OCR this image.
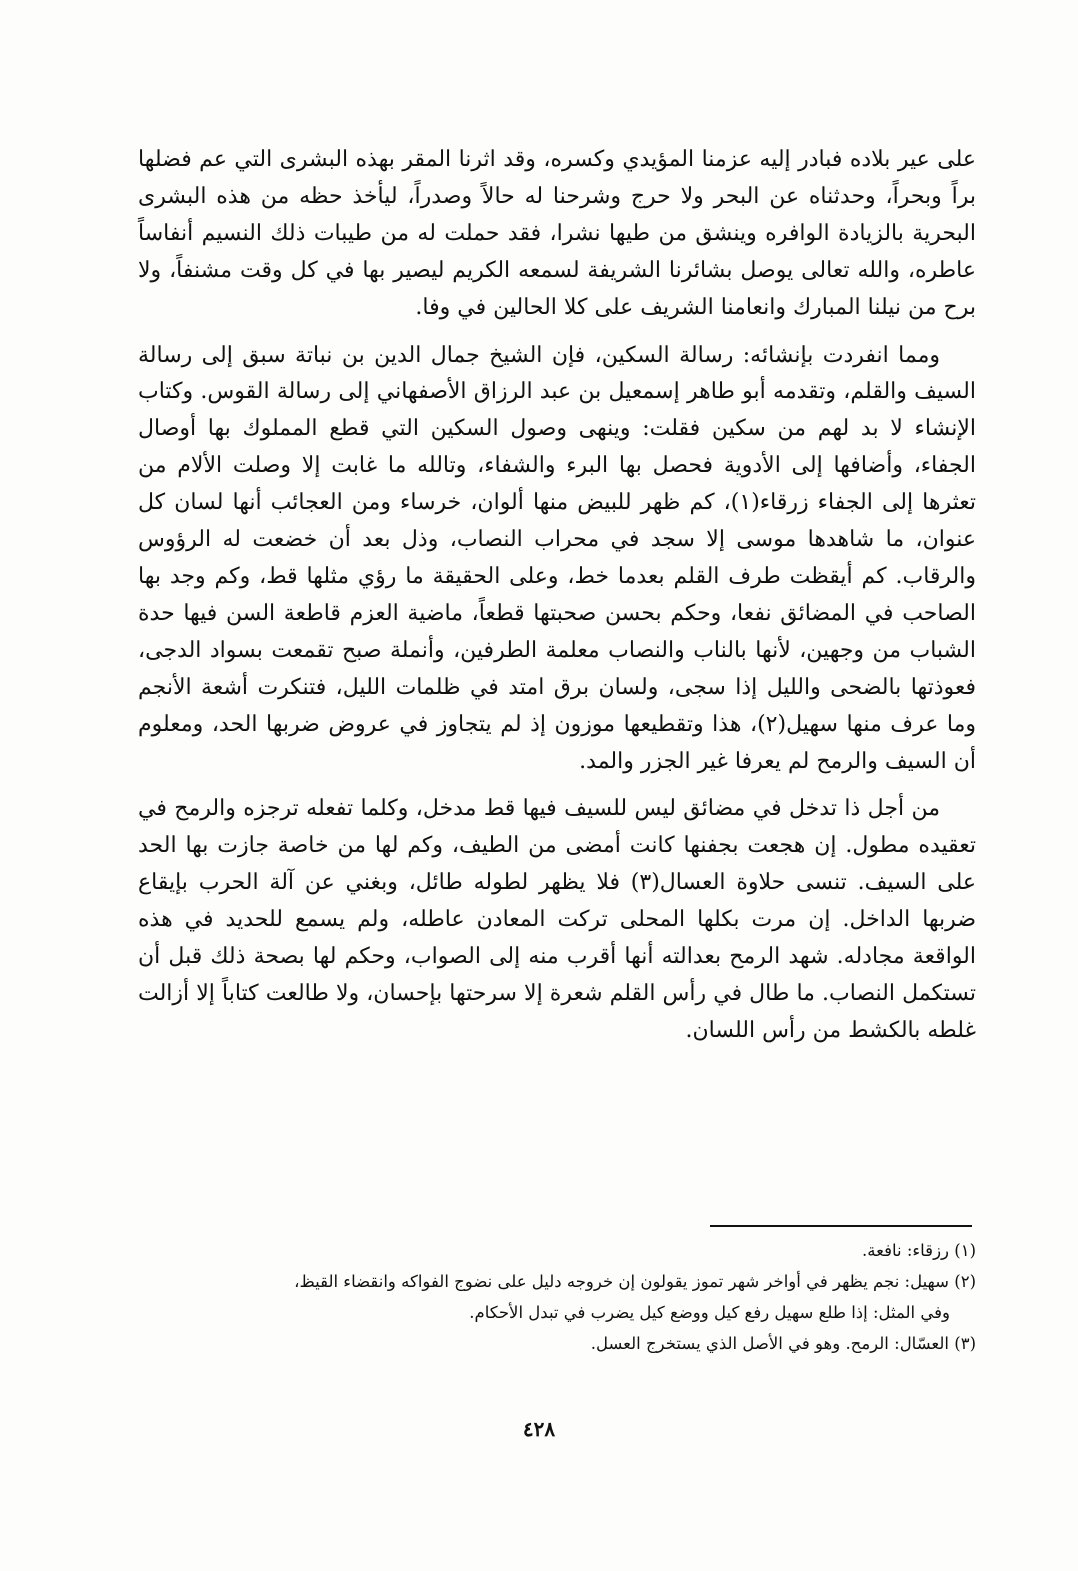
على عير بلاده فبادر إليه عزمنا المؤيدي وكسره، وقد اثرنا المقر بهذه البشرى التي عم فضلها براً وبحراً، وحدثناه عن البحر ولا حرج وشرحنا له حالاً وصدراً، ليأخذ حظه من هذه البشرى البحرية بالزيادة الوافره وينشق من طيها نشرا، فقد حملت له من طيبات ذلك النسيم أنفاساً عاطره، والله تعالى يوصل بشائرنا الشريفة لسمعه الكريم ليصير بها في كل وقت مشنفاً، ولا برح من نيلنا المبارك وانعامنا الشريف على كلا الحالين في وفا.

ومما انفردت بإنشائه: رسالة السكين، فإن الشيخ جمال الدين بن نباتة سبق إلى رسالة السيف والقلم، وتقدمه أبو طاهر إسمعيل بن عبد الرزاق الأصفهاني إلى رسالة القوس. وكتاب الإنشاء لا بد لهم من سكين فقلت: وينهى وصول السكين التي قطع المملوك بها أوصال الجفاء، وأضافها إلى الأدوية فحصل بها البرء والشفاء، وتالله ما غابت إلا وصلت الألام من تعثرها إلى الجفاء زرقاء(١)، كم ظهر للبيض منها ألوان، خرساء ومن العجائب أنها لسان كل عنوان، ما شاهدها موسى إلا سجد في محراب النصاب، وذل بعد أن خضعت له الرؤوس والرقاب. كم أيقظت طرف القلم بعدما خط، وعلى الحقيقة ما رؤي مثلها قط، وكم وجد بها الصاحب في المضائق نفعا، وحكم بحسن صحبتها قطعاً، ماضية العزم قاطعة السن فيها حدة الشباب من وجهين، لأنها بالناب والنصاب معلمة الطرفين، وأنملة صبح تقمعت بسواد الدجى، فعوذتها بالضحى والليل إذا سجى، ولسان برق امتد في ظلمات الليل، فتنكرت أشعة الأنجم وما عرف منها سهيل(٢)، هذا وتقطيعها موزون إذ لم يتجاوز في عروض ضربها الحد، ومعلوم أن السيف والرمح لم يعرفا غير الجزر والمد.

من أجل ذا تدخل في مضائق ليس للسيف فيها قط مدخل، وكلما تفعله ترجزه والرمح في تعقيده مطول. إن هجعت بجفنها كانت أمضى من الطيف، وكم لها من خاصة جازت بها الحد على السيف. تنسى حلاوة العسال(٣) فلا يظهر لطوله طائل، وبغني عن آلة الحرب بإيقاع ضربها الداخل. إن مرت بكلها المحلى تركت المعادن عاطله، ولم يسمع للحديد في هذه الواقعة مجادله. شهد الرمح بعدالته أنها أقرب منه إلى الصواب، وحكم لها بصحة ذلك قبل أن تستكمل النصاب. ما طال في رأس القلم شعرة إلا سرحتها بإحسان، ولا طالعت كتاباً إلا أزالت غلطه بالكشط من رأس اللسان.

(١) رزقاء: نافعة.

(٢) سهيل: نجم يظهر في أواخر شهر تموز يقولون إن خروجه دليل على نضوج الفواكه وانقضاء القيظ،

وفي المثل: إذا طلع سهيل رفع كيل ووضع كيل يضرب في تبدل الأحكام.

(٣) العسّال: الرمح. وهو في الأصل الذي يستخرج العسل.

٤٢٨
